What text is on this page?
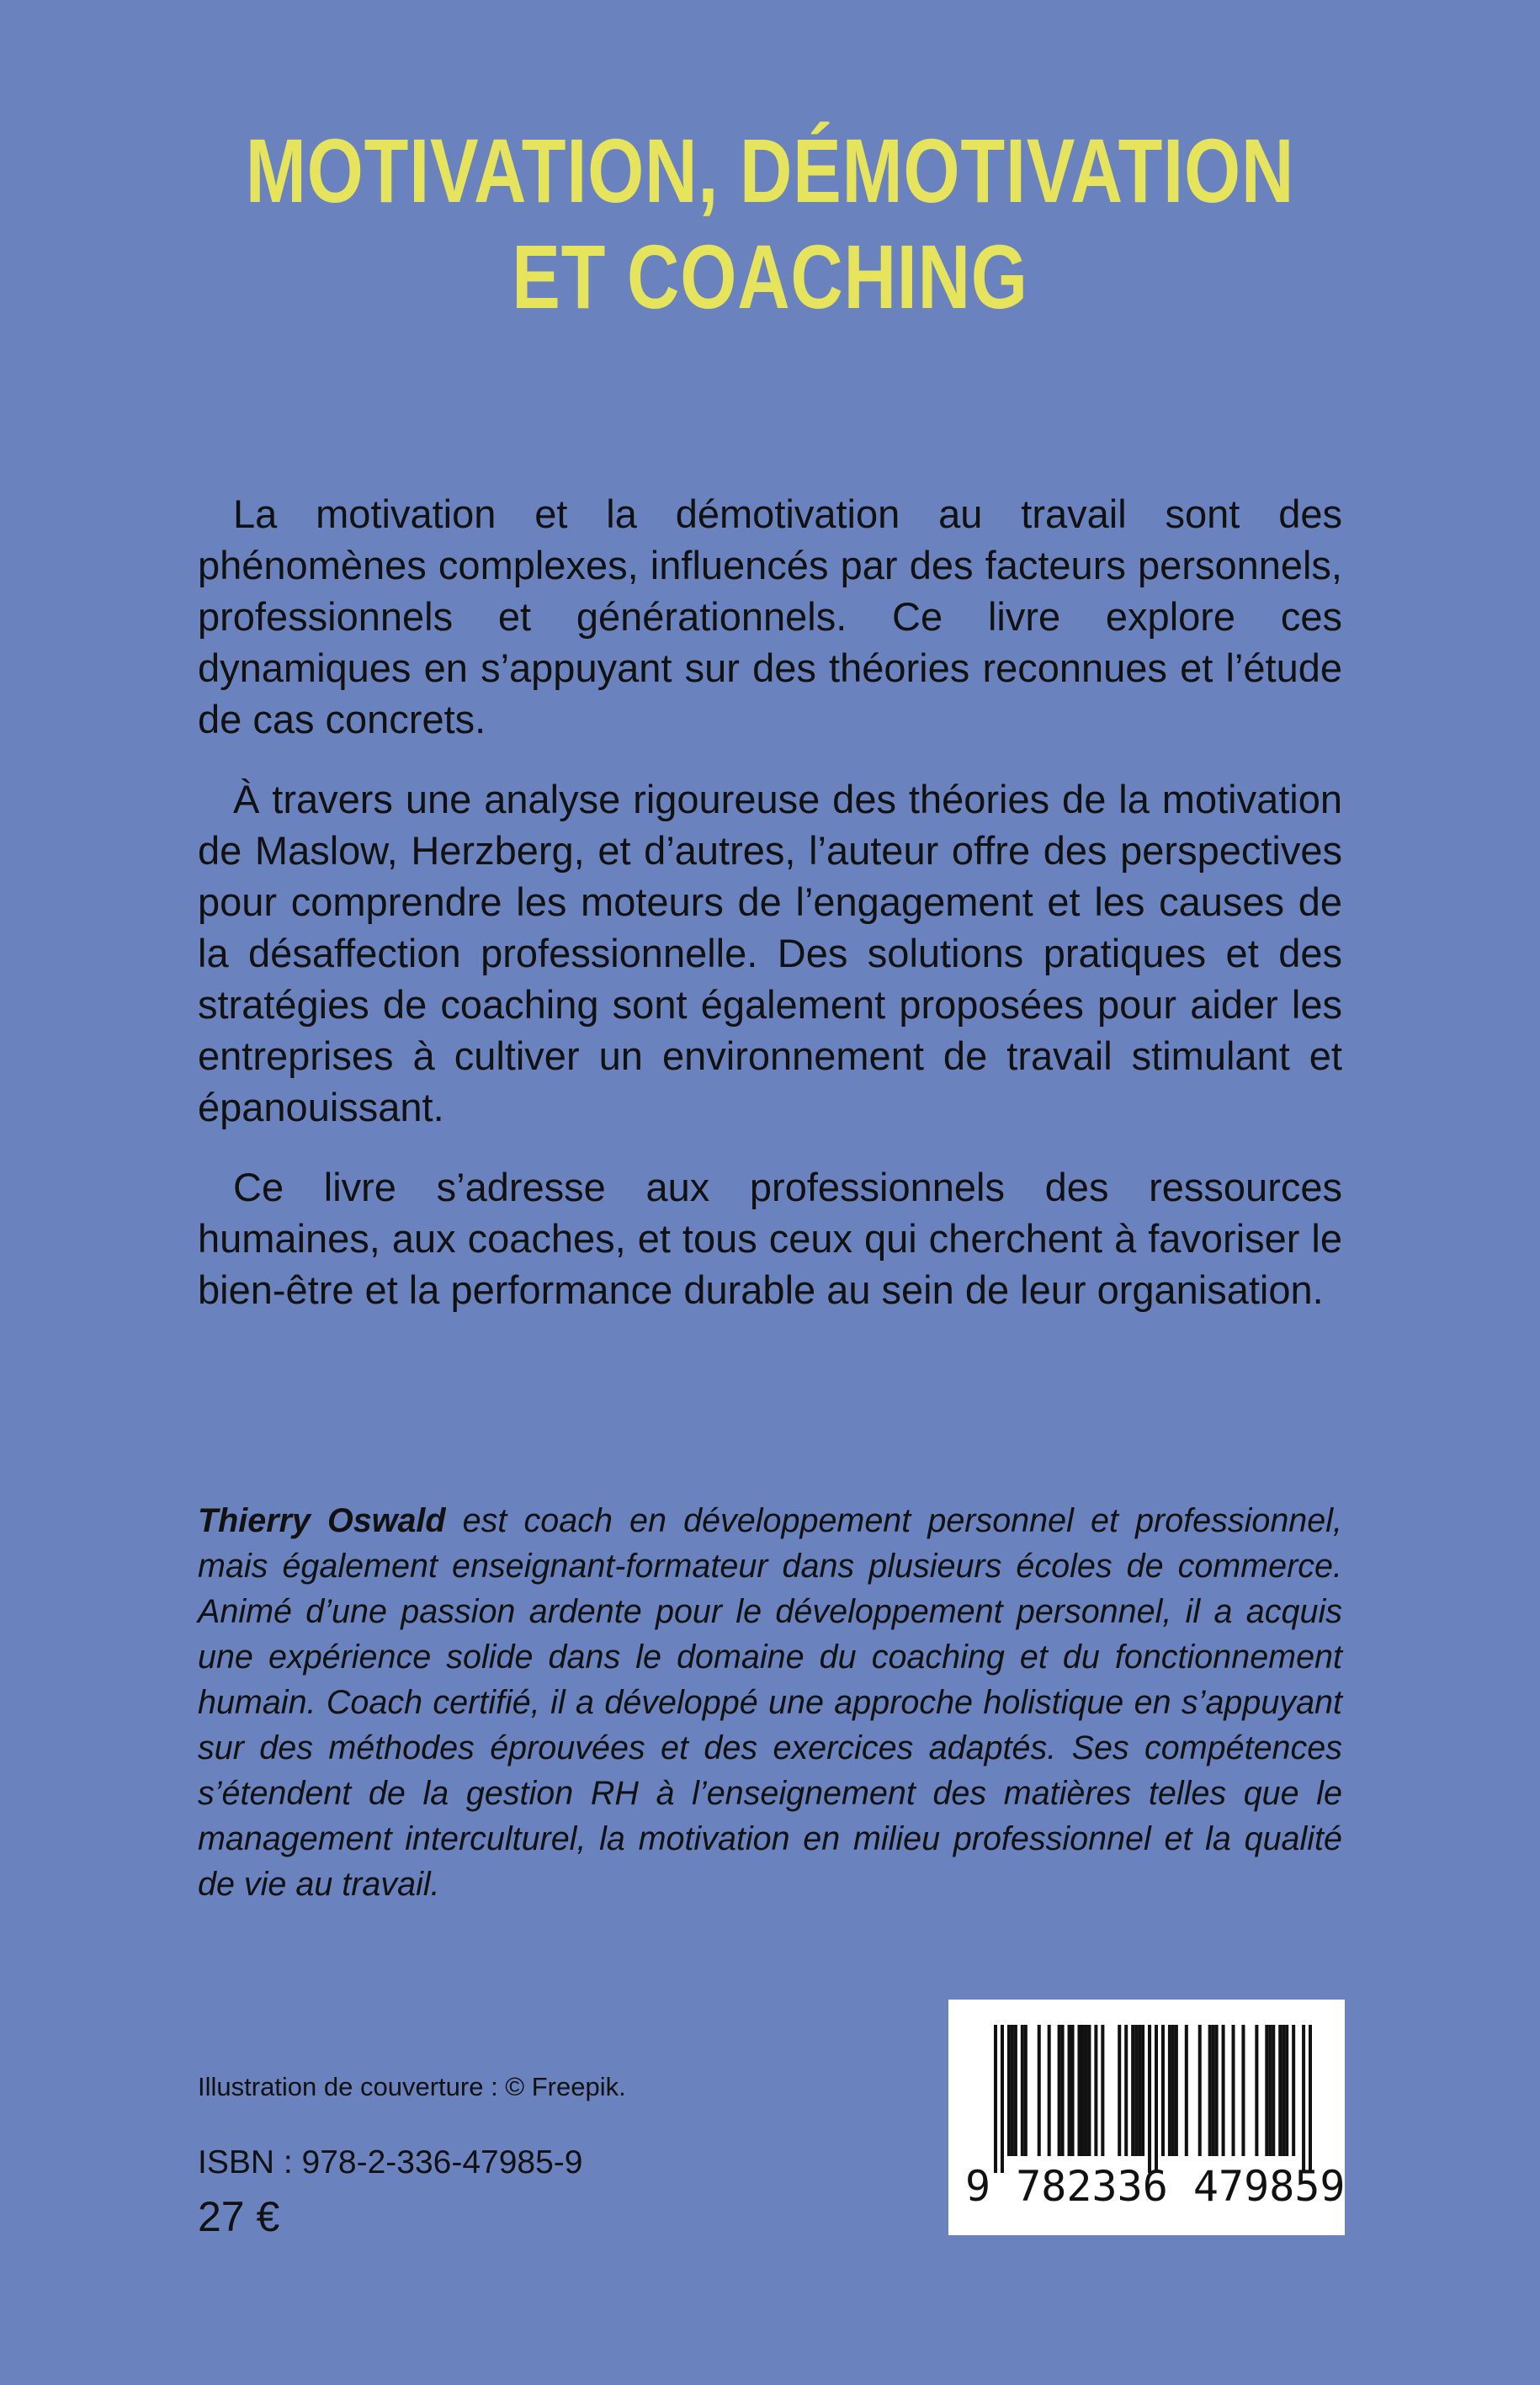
MOTIVATION, DÉMOTIVATION
ET COACHING

La motivation et la démotivation au travail sont des phénomènes complexes, influencés par des facteurs personnels, professionnels et générationnels. Ce livre explore ces dynamiques en s’appuyant sur des théories reconnues et l’étude de cas concrets.

À travers une analyse rigoureuse des théories de la motivation de Maslow, Herzberg, et d’autres, l’auteur offre des perspectives pour comprendre les moteurs de l’engagement et les causes de la désaffection professionnelle. Des solutions pratiques et des stratégies de coaching sont également proposées pour aider les entreprises à cultiver un environnement de travail stimulant et épanouissant.

Ce livre s’adresse aux professionnels des ressources humaines, aux coaches, et tous ceux qui cherchent à favoriser le bien-être et la performance durable au sein de leur organisation.

Thierry Oswald est coach en développement personnel et professionnel, mais également enseignant-formateur dans plusieurs écoles de commerce. Animé d’une passion ardente pour le développement personnel, il a acquis une expérience solide dans le domaine du coaching et du fonctionnement humain. Coach certifié, il a développé une approche holistique en s’appuyant sur des méthodes éprouvées et des exercices adaptés. Ses compétences s’étendent de la gestion RH à l’enseignement des matières telles que le management interculturel, la motivation en milieu professionnel et la qualité de vie au travail.

Illustration de couverture : © Freepik.
ISBN : 978-2-336-47985-9
27 €
9 782336 479859
